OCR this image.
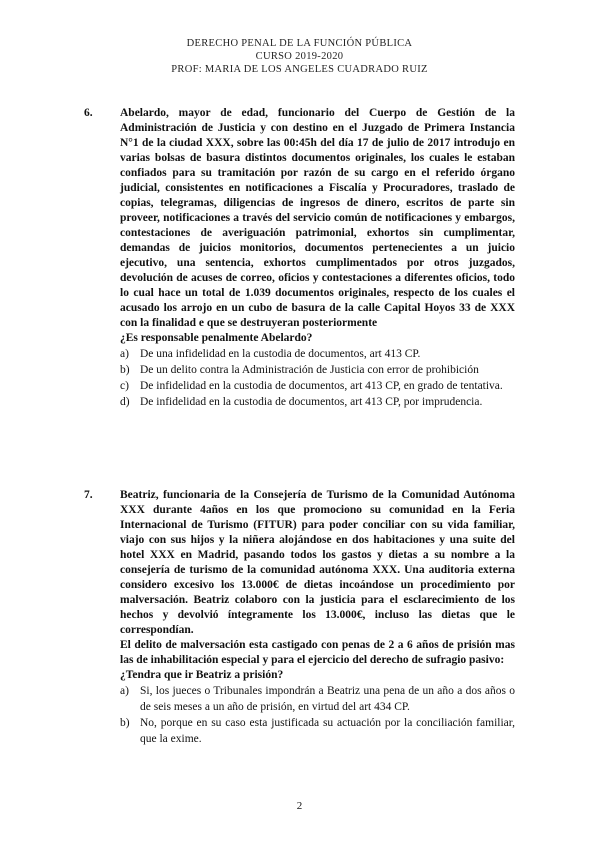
DERECHO PENAL DE LA FUNCIÓN PÚBLICA
CURSO 2019-2020
PROF: MARIA DE LOS ANGELES CUADRADO RUIZ
6.	Abelardo, mayor de edad, funcionario del Cuerpo de Gestión de la Administración de Justicia y con destino en el Juzgado de Primera Instancia N°1 de la ciudad XXX, sobre las 00:45h del día 17 de julio de 2017 introdujo en varias bolsas de basura distintos documentos originales, los cuales le estaban confiados para su tramitación por razón de su cargo en el referido órgano judicial, consistentes en notificaciones a Fiscalía y Procuradores, traslado de copias, telegramas, diligencias de ingresos de dinero, escritos de parte sin proveer, notificaciones a través del servicio común de notificaciones y embargos, contestaciones de averiguación patrimonial, exhortos sin cumplimentar, demandas de juicios monitorios, documentos pertenecientes a un juicio ejecutivo, una sentencia, exhortos cumplimentados por otros juzgados, devolución de acuses de correo, oficios y contestaciones a diferentes oficios, todo lo cual hace un total de 1.039 documentos originales, respecto de los cuales el acusado los arrojo en un cubo de basura de la calle Capital Hoyos 33 de XXX con la finalidad e que se destruyeran posteriormente

¿Es responsable penalmente Abelardo?

a) De una infidelidad en la custodia de documentos, art 413 CP.
b) De un delito contra la Administración de Justicia con error de prohibición
c) De infidelidad en la custodia de documentos, art 413 CP, en grado de tentativa.
d) De infidelidad en la custodia de documentos, art 413 CP, por imprudencia.
7.	Beatriz, funcionaria de la Consejería de Turismo de la Comunidad Autónoma XXX durante 4años en los que promociono su comunidad en la Feria Internacional de Turismo (FITUR) para poder conciliar con su vida familiar, viajo con sus hijos y la niñera alojándose en dos habitaciones y una suite del hotel XXX en Madrid, pasando todos los gastos y dietas a su nombre a la consejería de turismo de la comunidad autónoma XXX. Una auditoria externa considero excesivo los 13.000€ de dietas incoándose un procedimiento por malversación. Beatriz colaboro con la justicia para el esclarecimiento de los hechos y devolvió íntegramente los 13.000€, incluso las dietas que le correspondían.

El delito de malversación esta castigado con penas de 2 a 6 años de prisión mas las de inhabilitación especial y para el ejercicio del derecho de sufragio pasivo:

¿Tendra que ir Beatriz a prisión?

a) Si, los jueces o Tribunales impondrán a Beatriz una pena de un año a dos años o de seis meses a un año de prisión, en virtud del art 434 CP.
b) No, porque en su caso esta justificada su actuación por la conciliación familiar, que la exime.
2
